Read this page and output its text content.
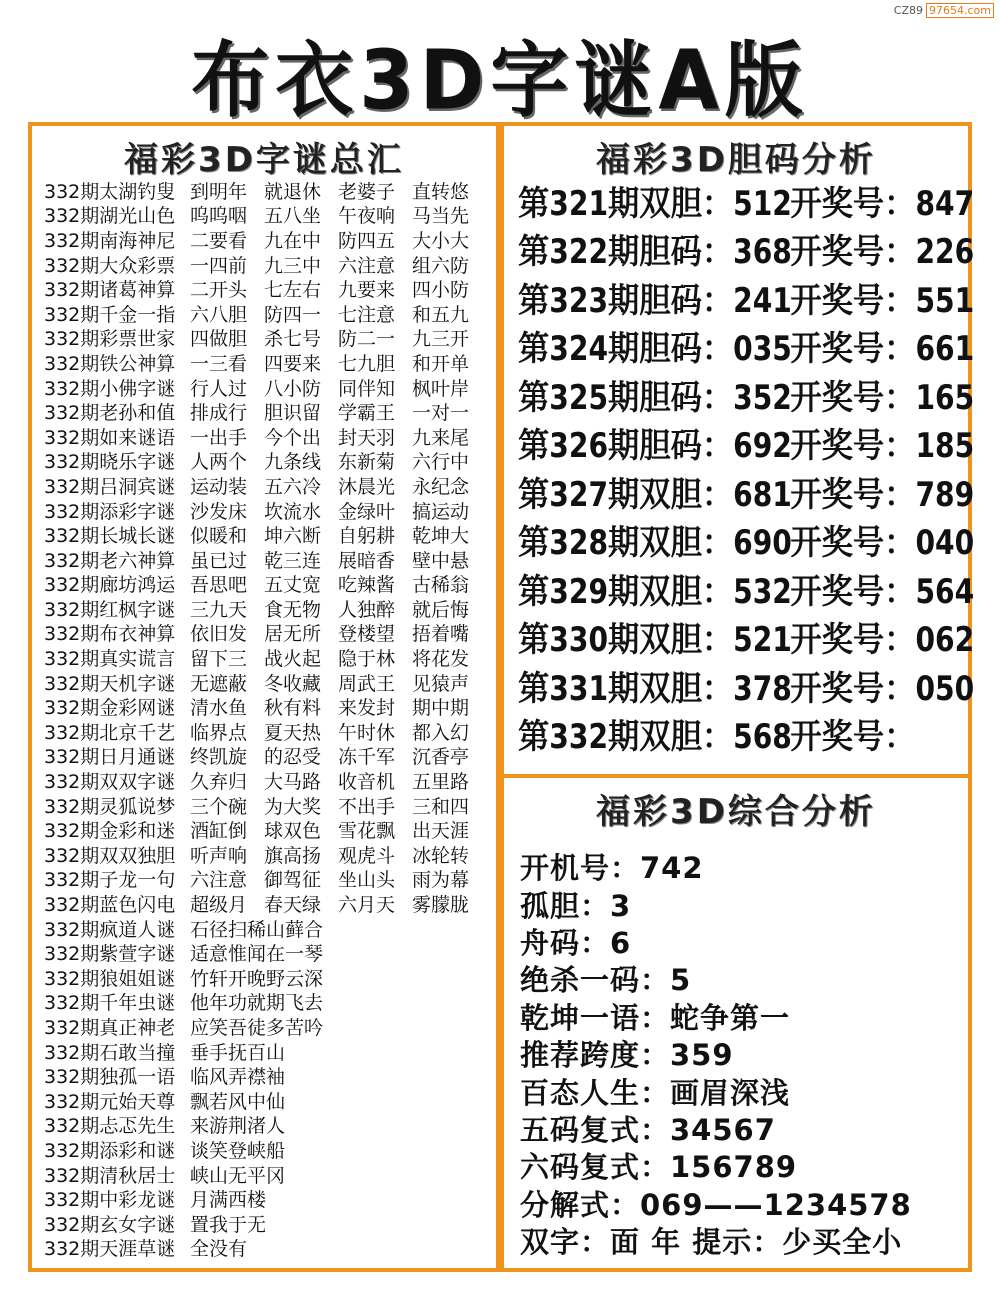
CZ89 97654.com
布衣3D字谜A版
福彩3D字谜总汇
332期太湖钓叟 到明年 就退休 老婆子 直转悠
332期湖光山色 呜呜咽 五八坐 午夜响 马当先
332期南海神尼 二要看 九在中 防四五 大小大
332期大众彩票 一四前 九三中 六注意 组六防
332期诸葛神算 二开头 七左右 九要来 四小防
332期千金一指 六八胆 防四一 七注意 和五九
332期彩票世家 四做胆 杀七号 防二一 九三开
332期铁公神算 一三看 四要来 七九胆 和开单
332期小佛字谜 行人过 八小防 同伴知 枫叶岸
332期老孙和值 排成行 胆识留 学霸王 一对一
332期如来谜语 一出手 今个出 封天羽 九来尾
332期晓乐字谜 人两个 九条线 东新菊 六行中
332期吕洞宾谜 运动装 五六冷 沐晨光 永纪念
332期添彩字谜 沙发床 坎流水 金绿叶 搞运动
332期长城长谜 似暖和 坤六断 自躬耕 乾坤大
332期老六神算 虽已过 乾三连 展暗香 壁中悬
332期廊坊鸿运 吾思吧 五丈宽 吃辣酱 古稀翁
332期红枫字谜 三九天 食无物 人独醉 就后悔
332期布衣神算 依旧发 居无所 登楼望 捂着嘴
332期真实谎言 留下三 战火起 隐于林 将花发
332期天机字谜 无遮蔽 冬收藏 周武王 见猿声
332期金彩网谜 清水鱼 秋有料 来发封 期中期
332期北京千艺 临界点 夏天热 午时休 都入幻
332期日月通谜 终凯旋 的忍受 冻千军 沉香亭
332期双双字谜 久弃归 大马路 收音机 五里路
332期灵狐说梦 三个碗 为大奖 不出手 三和四
332期金彩和迷 酒缸倒 球双色 雪花飘 出天涯
332期双双独胆 听声响 旗高扬 观虎斗 冰轮转
332期子龙一句 六注意 御驾征 坐山头 雨为幕
332期蓝色闪电 超级月 春天绿 六月天 雾朦胧
332期疯道人谜 石径扫稀山藓合
332期紫萱字谜 适意惟闻在一琴
332期狼姐姐谜 竹轩开晚野云深
332期千年虫谜 他年功就期飞去
332期真正神老 应笑吾徒多苦吟
332期石敢当撞 垂手抚百山
332期独孤一语 临风弄襟袖
332期元始天尊 飘若风中仙
332期忐忑先生 来游荆渚人
332期添彩和谜 谈笑登峡船
332期清秋居士 峡山无平冈
332期中彩龙谜 月满西楼
332期玄女字谜 置我于无
332期天涯草谜 全没有
福彩3D胆码分析
第321期双胆：512
开奖号：847
第322期胆码：368
开奖号：226
第323期胆码：241
开奖号：551
第324期胆码：035
开奖号：661
第325期胆码：352
开奖号：165
第326期胆码：692
开奖号：185
第327期双胆：681
开奖号：789
第328期双胆：690
开奖号：040
第329期双胆：532
开奖号：564
第330期双胆：521
开奖号：062
第331期双胆：378
开奖号：050
第332期双胆：568
开奖号：
福彩3D综合分析
开机号：742
孤胆：3
舟码：6
绝杀一码：5
乾坤一语：蛇争第一
推荐跨度：359
百态人生：画眉深浅
五码复式：34567
六码复式：156789
分解式：069——1234578
双字：面 年 提示：少买全小
